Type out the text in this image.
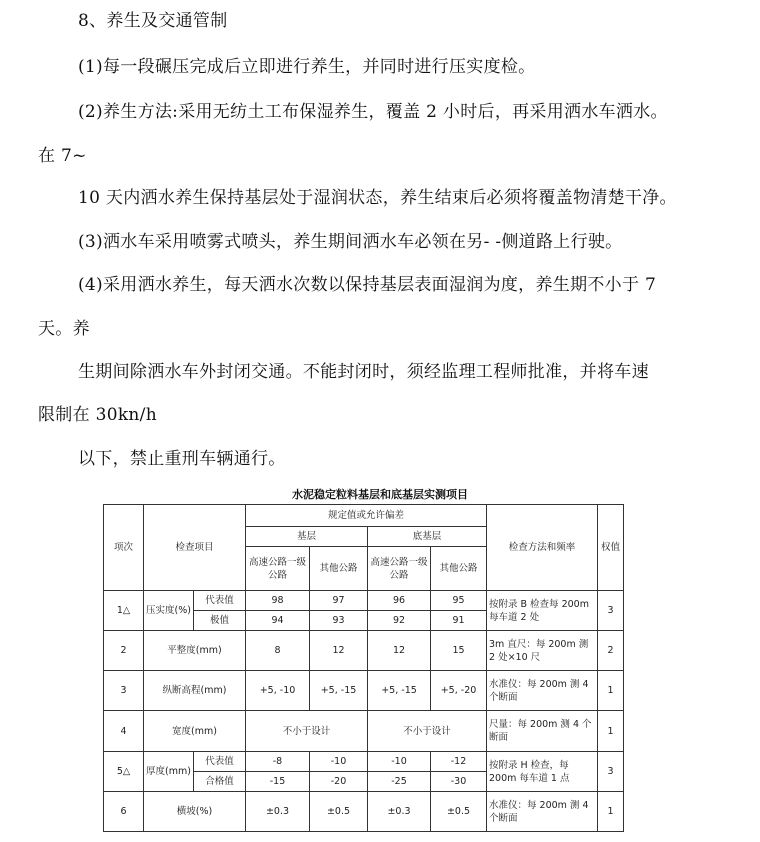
8、养生及交通管制
(1)每一段碾压完成后立即进行养生，并同时进行压实度检。
(2)养生方法:采用无纺土工布保湿养生，覆盖 2 小时后，再采用洒水车洒水。
在 7~
10 天内洒水养生保持基层处于湿润状态，养生结束后必须将覆盖物清楚干净。
(3)洒水车采用喷雾式喷头，养生期间洒水车必领在另- -侧道路上行驶。
(4)采用洒水养生，每天洒水次数以保持基层表面湿润为度，养生期不小于 7
天。养
生期间除洒水车外封闭交通。不能封闭时，须经监理工程师批准，并将车速
限制在 30kn/h
以下，禁止重刑车辆通行。
水泥稳定粒料基层和底基层实测项目
项次	检查项目		规定值或允许偏差				检查方法和频率	权值
			基层		底基层			
			高速公路一级公路	其他公路	高速公路一级公路	其他公路		
1△	压实度(%)	代表值	98	97	96	95	按附录 B 检查每 200m 每车道 2 处	3
		极值	94	93	92	91		
2	平整度(mm)		8	12	12	15	3m 直尺：每 200m 测 2 处×10 尺	2
3	纵断高程(mm)		+5, -10	+5, -15	+5, -15	+5, -20	水准仪：每 200m 测 4 个断面	1
4	宽度(mm)		不小于设计		不小于设计		尺量：每 200m 测 4 个断面	1
5△	厚度(mm)	代表值	-8	-10	-10	-12	按附录 H 检查，每 200m 每车道 1 点	3
		合格值	-15	-20	-25	-30		
6	横坡(%)		±0.3	±0.5	±0.3	±0.5	水准仪：每 200m 测 4 个断面	1
